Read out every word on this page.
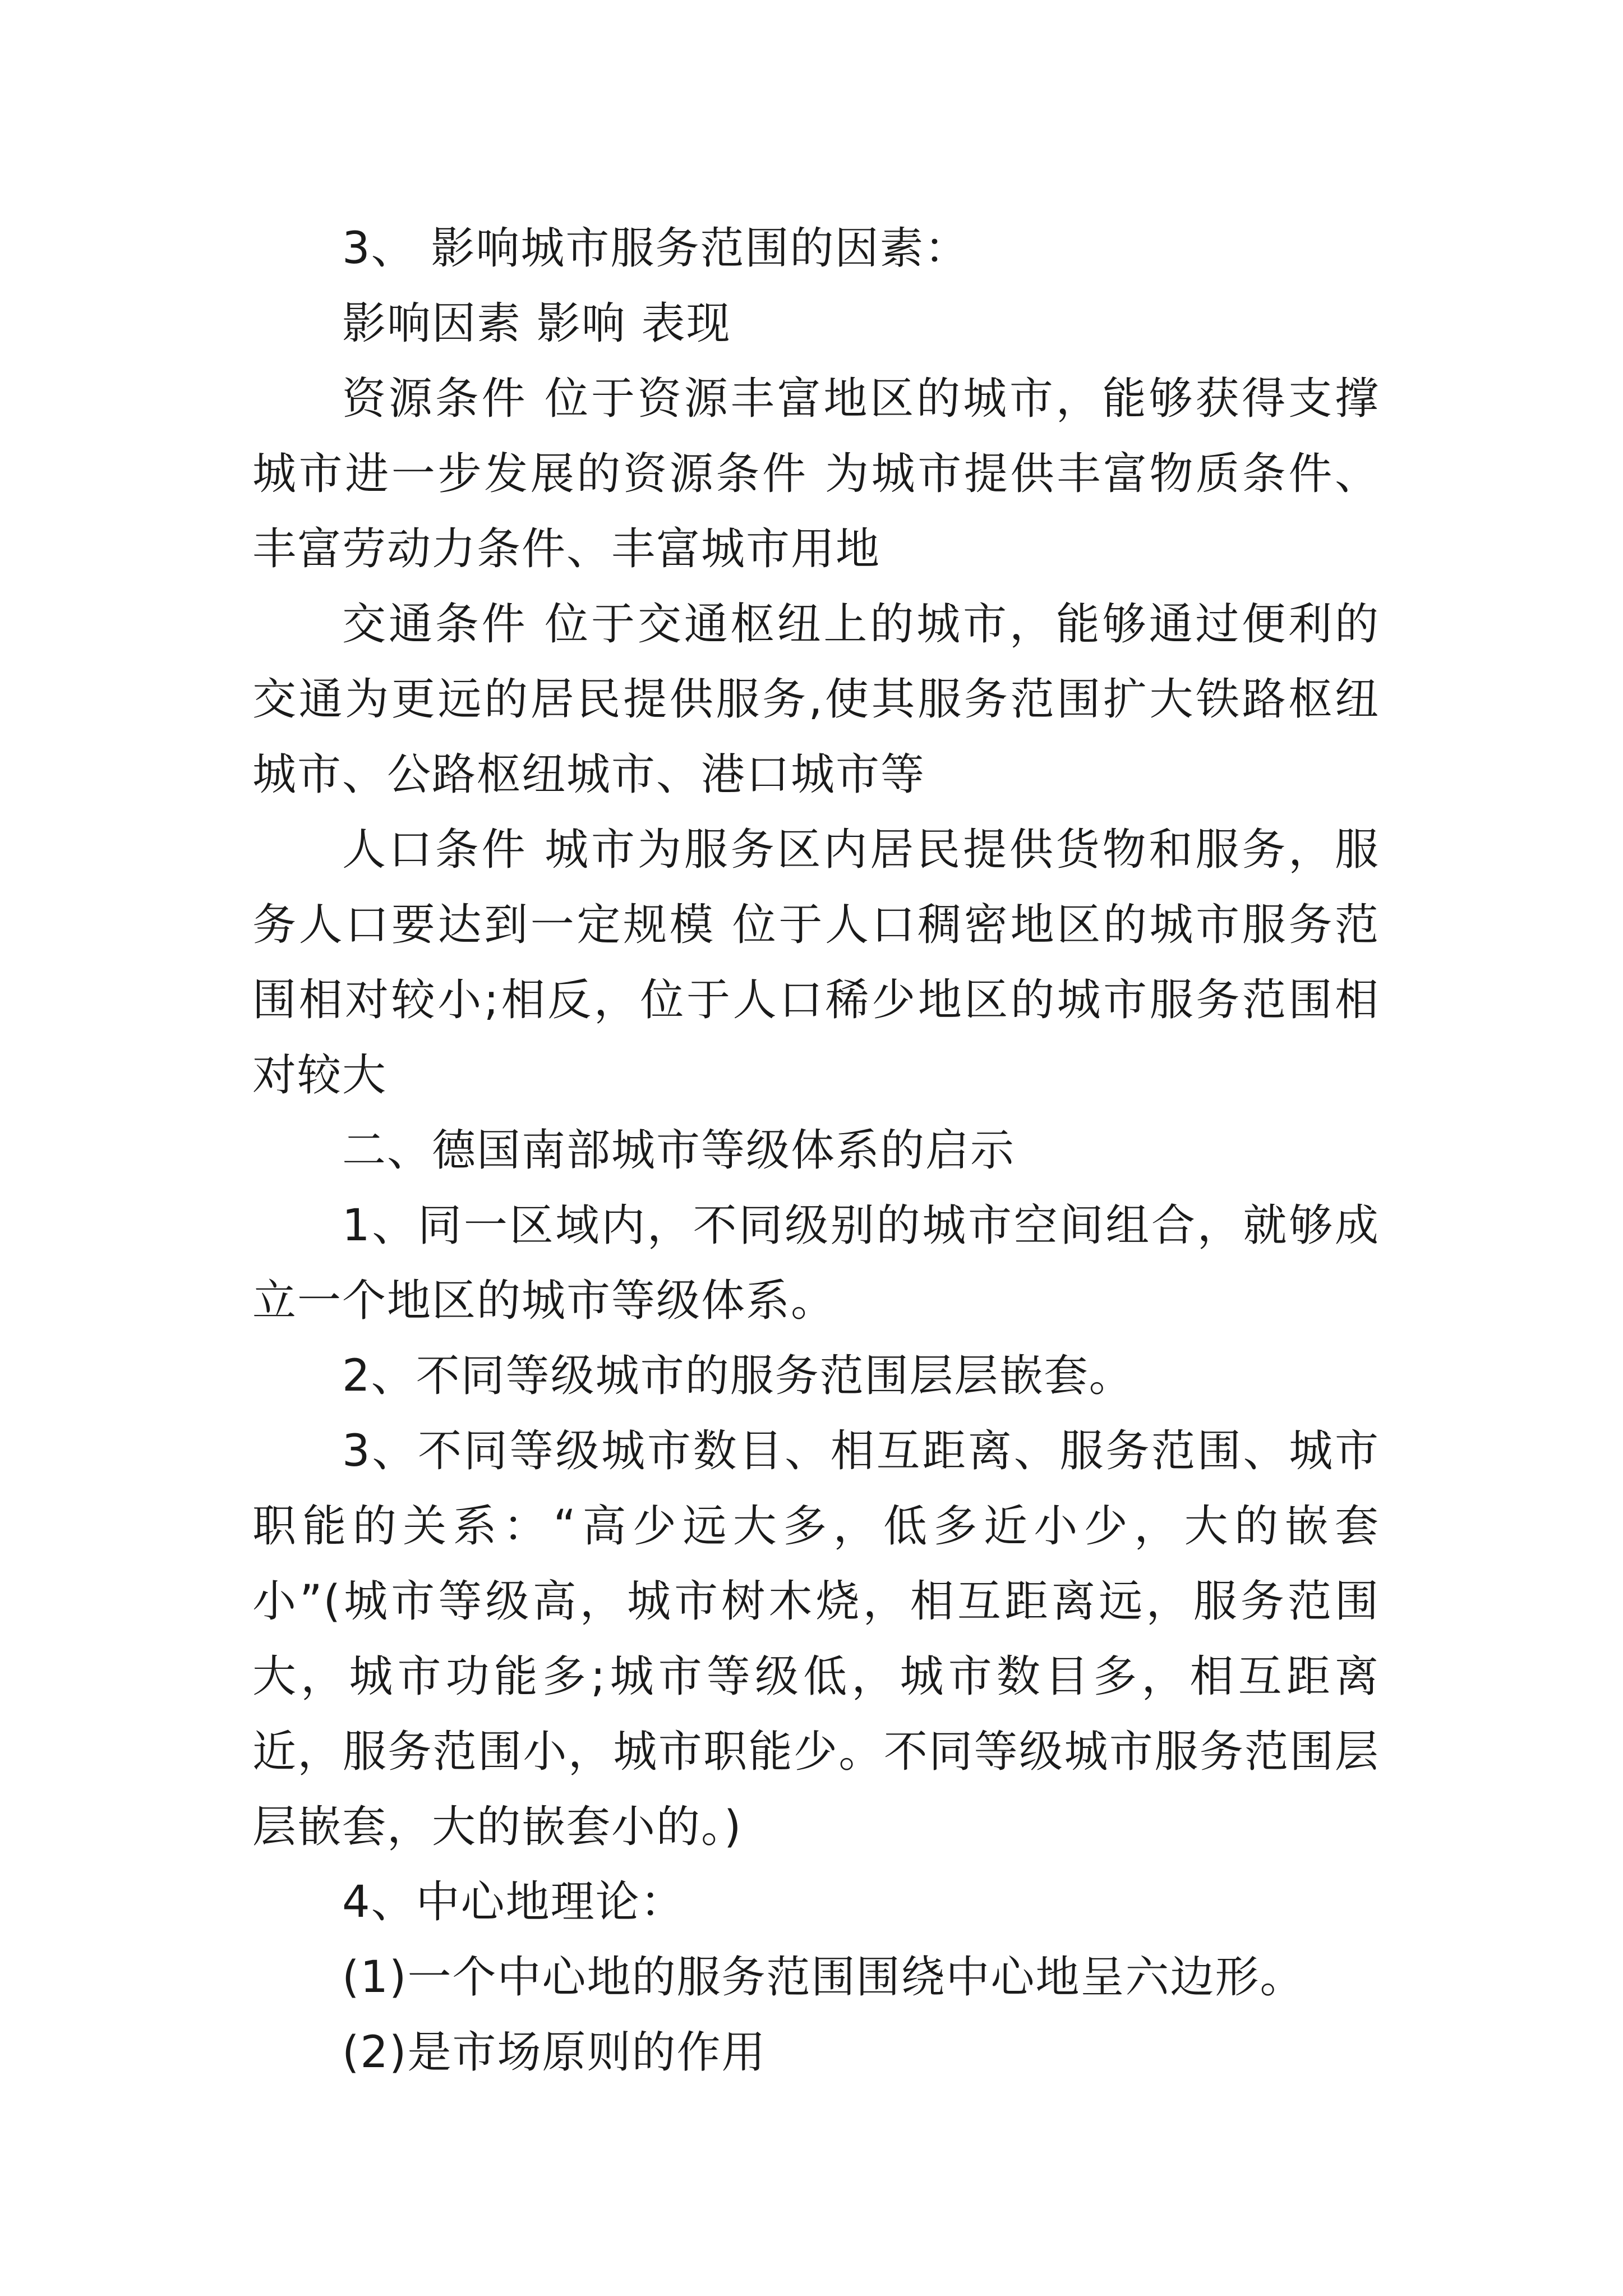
3、 影响城市服务范围的因素：

影响因素 影响 表现

资源条件 位于资源丰富地区的城市，能够获得支撑城市进一步发展的资源条件 为城市提供丰富物质条件、丰富劳动力条件、丰富城市用地

交通条件 位于交通枢纽上的城市，能够通过便利的交通为更远的居民提供服务,使其服务范围扩大铁路枢纽城市、公路枢纽城市、港口城市等

人口条件 城市为服务区内居民提供货物和服务，服务人口要达到一定规模 位于人口稠密地区的城市服务范围相对较小;相反，位于人口稀少地区的城市服务范围相对较大

二、德国南部城市等级体系的启示

1、同一区域内，不同级别的城市空间组合，就够成立一个地区的城市等级体系。

2、不同等级城市的服务范围层层嵌套。

3、不同等级城市数目、相互距离、服务范围、城市职能的关系：“高少远大多，低多近小少，大的嵌套小”(城市等级高，城市树木烧，相互距离远，服务范围大，城市功能多;城市等级低，城市数目多，相互距离近，服务范围小，城市职能少。不同等级城市服务范围层层嵌套，大的嵌套小的。)

4、中心地理论：

(1)一个中心地的服务范围围绕中心地呈六边形。

(2)是市场原则的作用
